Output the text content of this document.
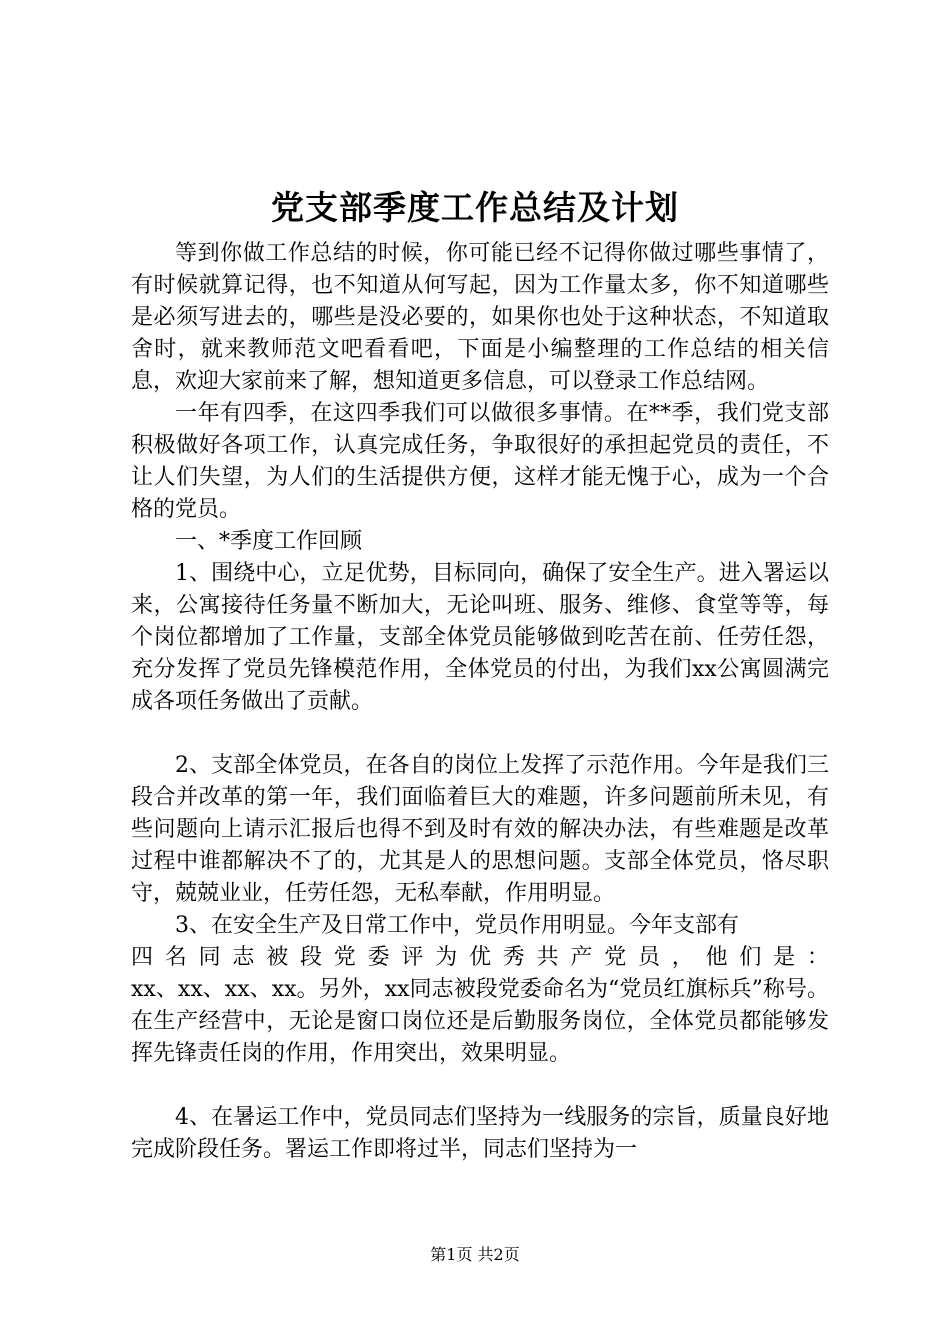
党支部季度工作总结及计划

等到你做工作总结的时候，你可能已经不记得你做过哪些事情了，有时候就算记得，也不知道从何写起，因为工作量太多，你不知道哪些是必须写进去的，哪些是没必要的，如果你也处于这种状态，不知道取舍时，就来教师范文吧看看吧，下面是小编整理的工作总结的相关信息，欢迎大家前来了解，想知道更多信息，可以登录工作总结网。

一年有四季，在这四季我们可以做很多事情。在**季，我们党支部积极做好各项工作，认真完成任务，争取很好的承担起党员的责任，不让人们失望，为人们的生活提供方便，这样才能无愧于心，成为一个合格的党员。

一、*季度工作回顾

1、围绕中心，立足优势，目标同向，确保了安全生产。进入署运以来，公寓接待任务量不断加大，无论叫班、服务、维修、食堂等等，每个岗位都增加了工作量，支部全体党员能够做到吃苦在前、任劳任怨，充分发挥了党员先锋模范作用，全体党员的付出，为我们xx公寓圆满完成各项任务做出了贡献。

2、支部全体党员，在各自的岗位上发挥了示范作用。今年是我们三段合并改革的第一年，我们面临着巨大的难题，许多问题前所未见，有些问题向上请示汇报后也得不到及时有效的解决办法，有些难题是改革过程中谁都解决不了的，尤其是人的思想问题。支部全体党员，恪尽职守，兢兢业业，任劳任怨，无私奉献，作用明显。

3、在安全生产及日常工作中，党员作用明显。今年支部有

四名同志被段党委评为优秀共产党员，他们是：

xx、xx、xx、xx。另外，xx同志被段党委命名为“党员红旗标兵”称号。在生产经营中，无论是窗口岗位还是后勤服务岗位，全体党员都能够发挥先锋责任岗的作用，作用突出，效果明显。

4、在暑运工作中，党员同志们坚持为一线服务的宗旨，质量良好地完成阶段任务。署运工作即将过半，同志们坚持为一

第1页 共2页
